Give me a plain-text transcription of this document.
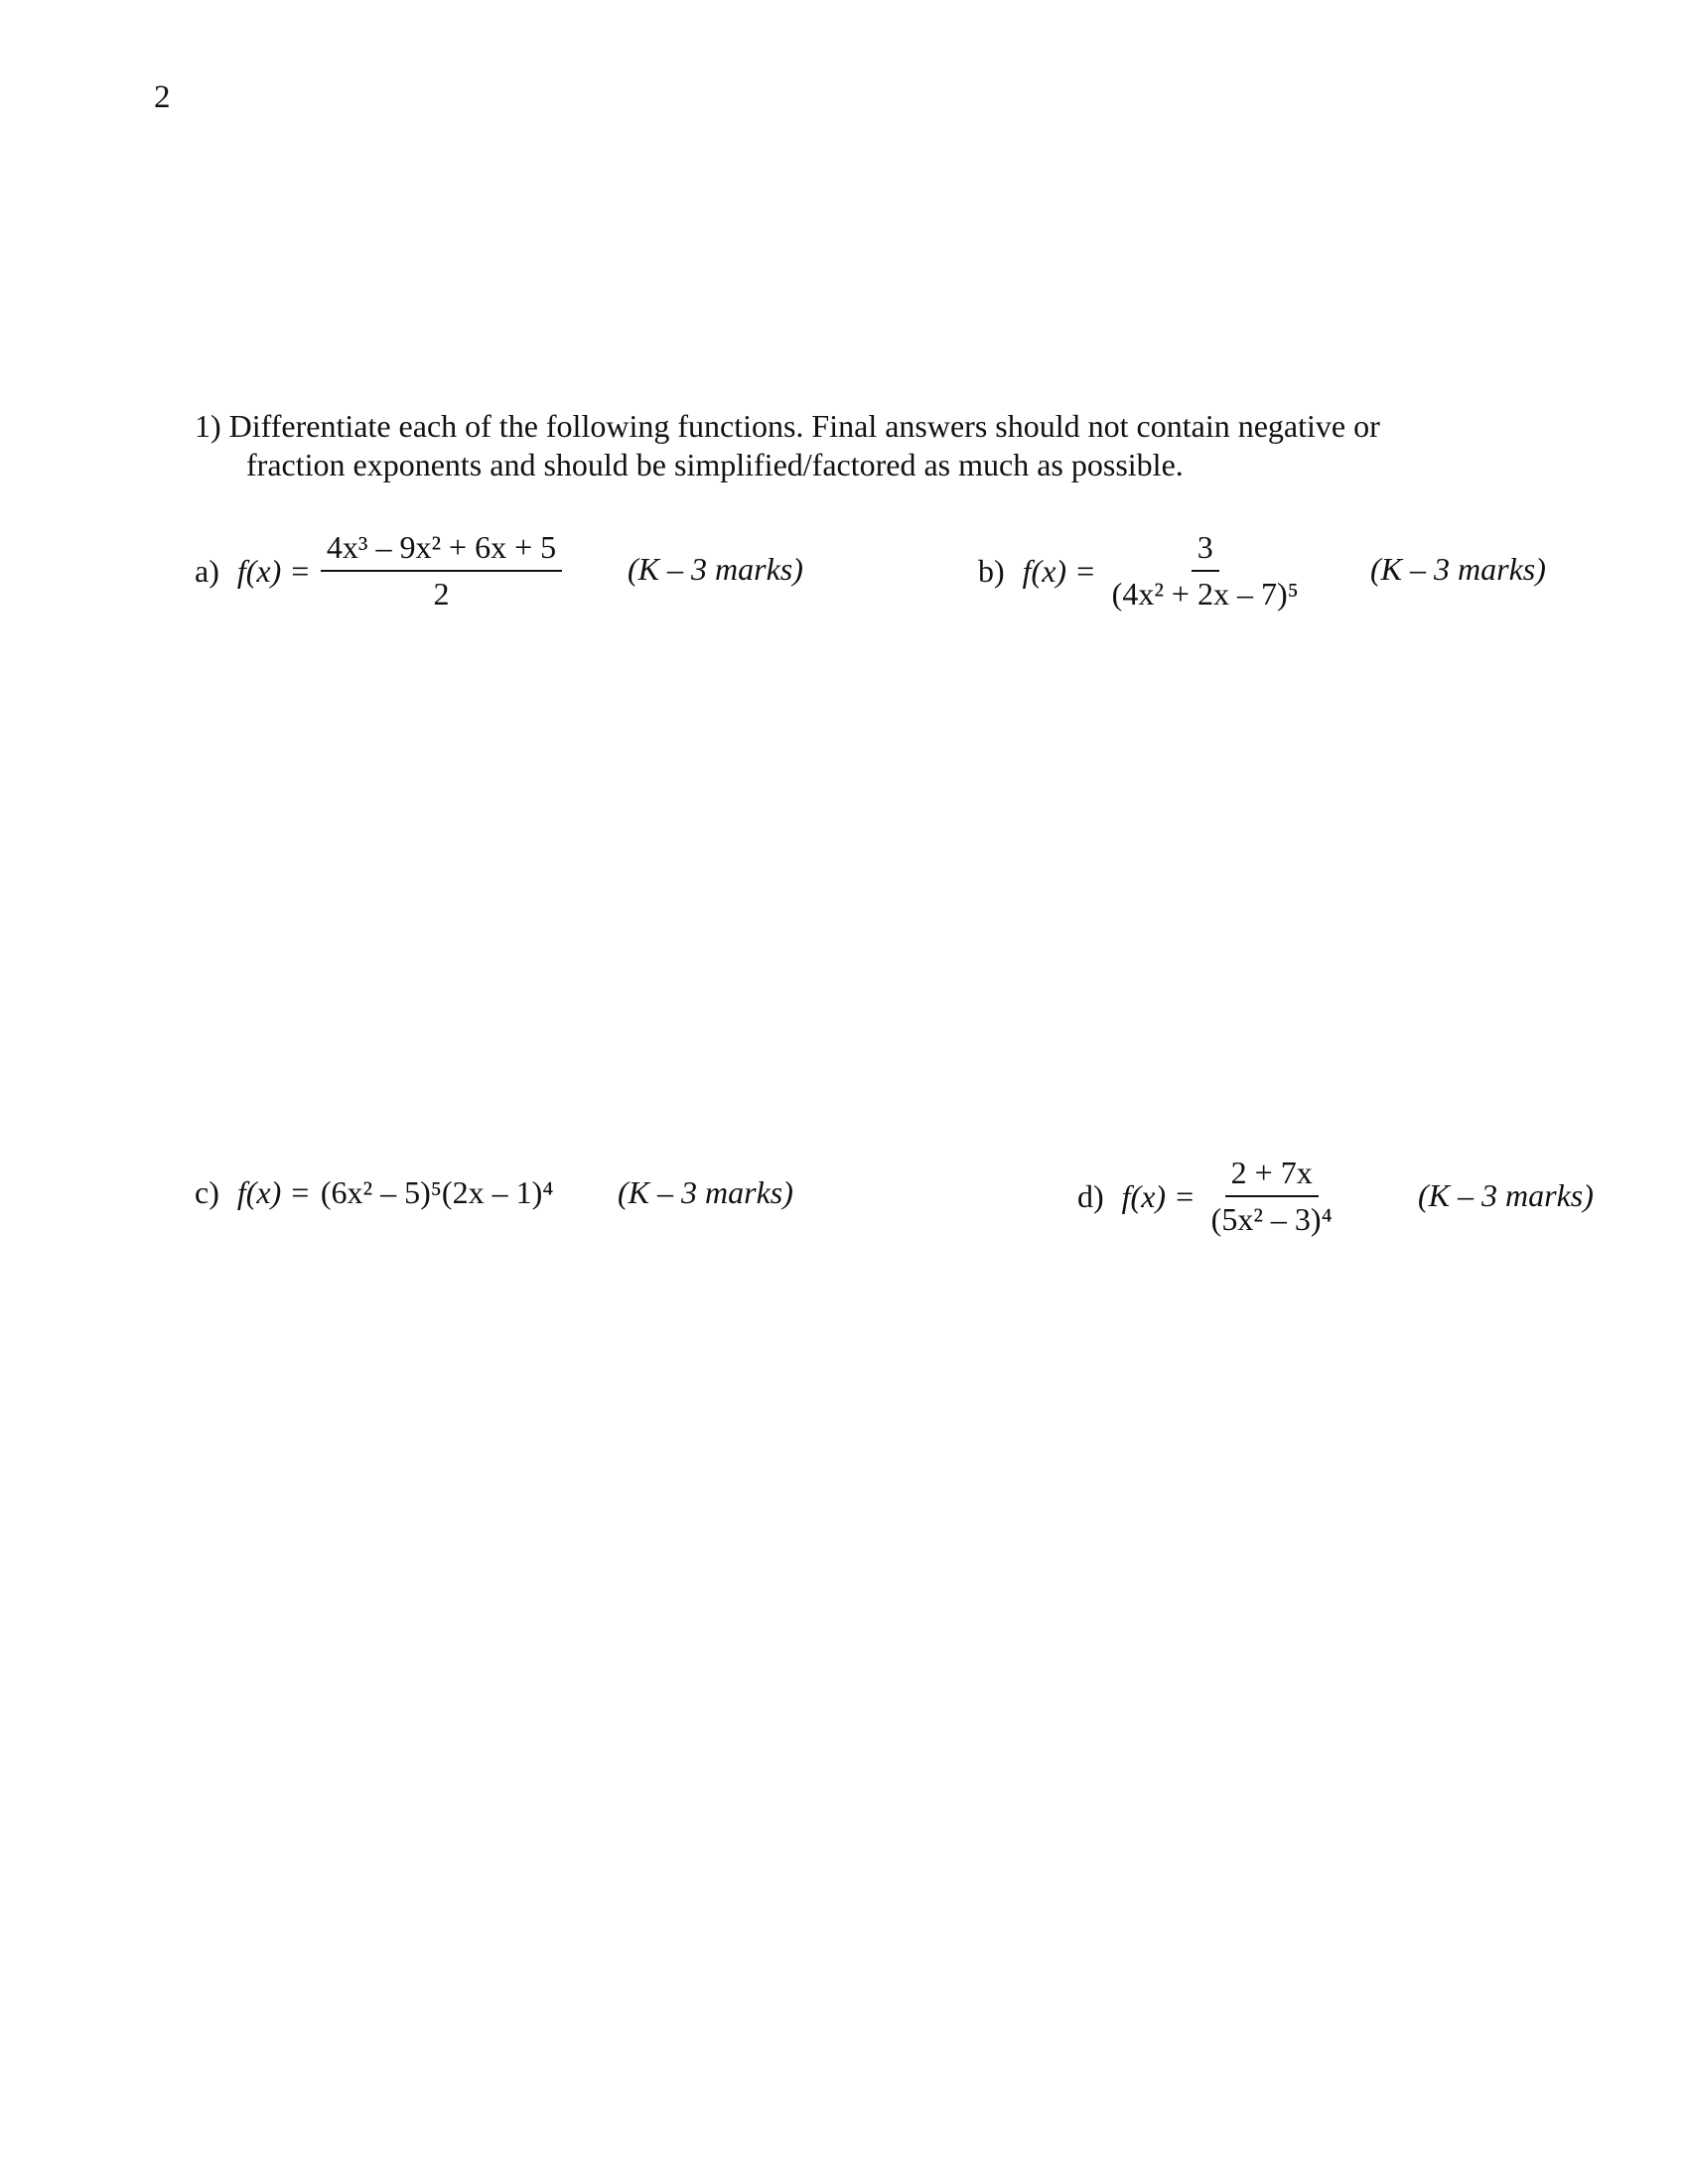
2
1) Differentiate each of the following functions. Final answers should not contain negative or
fraction exponents and should be simplified/factored as much as possible.
a) $f(x) = \frac{\text{4x³ – 9x² + 6x + 5}}{2} (K - 3$ marks)	b) $f(x) = \frac{3}{\text{(4x² + 2x – 7)⁵}} (K - 3$ marks)
c) f(x) = (6x² – 5)⁵(2x – 1)⁴ (K – 3 marks)	d) $f(x) = \frac{2 + 7x}{\text{(5x² – 3)⁴}}$	(K – 3 marks)
